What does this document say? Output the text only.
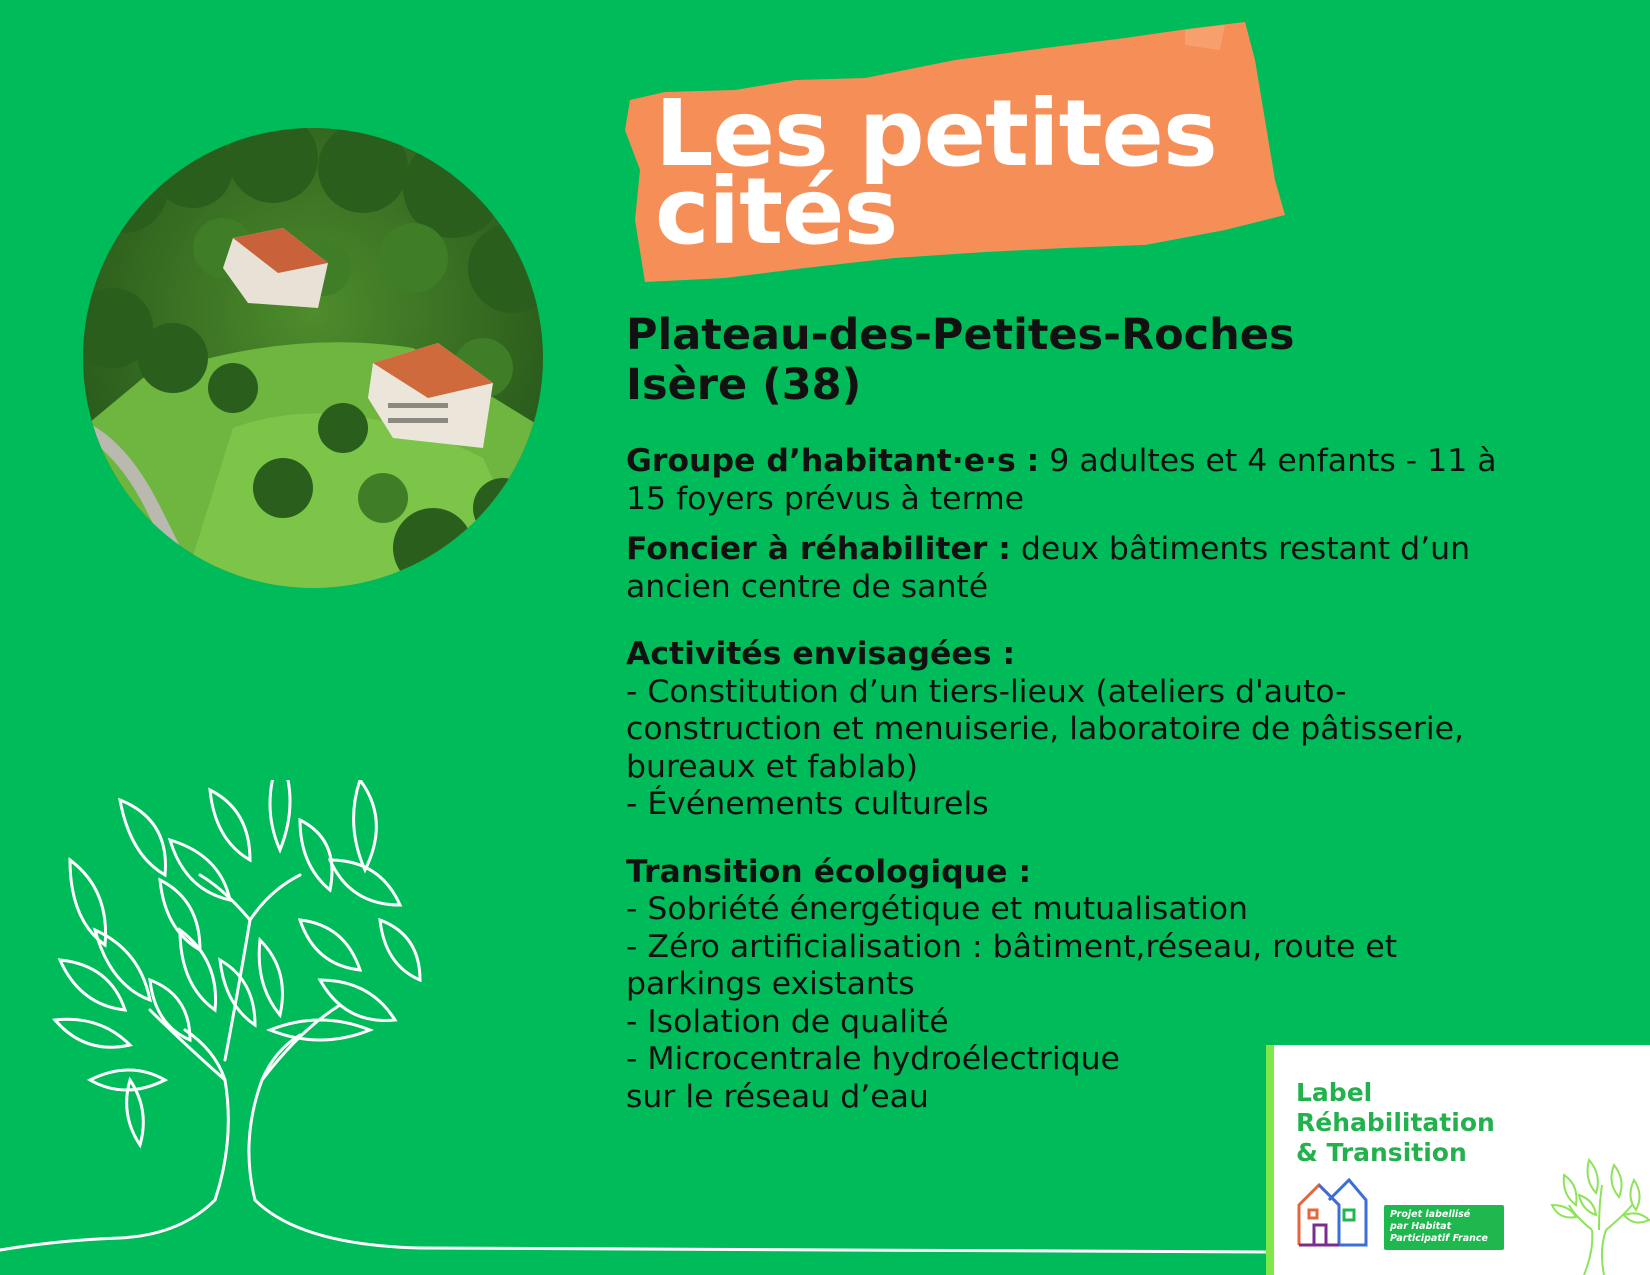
Les petites
cités
Plateau-des-Petites-Roches
Isère (38)

Groupe d’habitant·e·s : 9 adultes et 4 enfants - 11 à 15 foyers prévus à terme

Foncier à réhabiliter : deux bâtiments restant d’un ancien centre de santé

Activités envisagées :

- Constitution d’un tiers-lieux (ateliers d'auto-construction et menuiserie, laboratoire de pâtisserie, bureaux et fablab)

- Événements culturels

Transition écologique :

- Sobriété énergétique et mutualisation

- Zéro artificialisation : bâtiment,réseau, route et parkings existants

- Isolation de qualité

- Microcentrale hydroélectrique

sur le réseau d’eau	Label
Réhabilitation
& Transition
Projet labellisé
par Habitat
Participatif France
